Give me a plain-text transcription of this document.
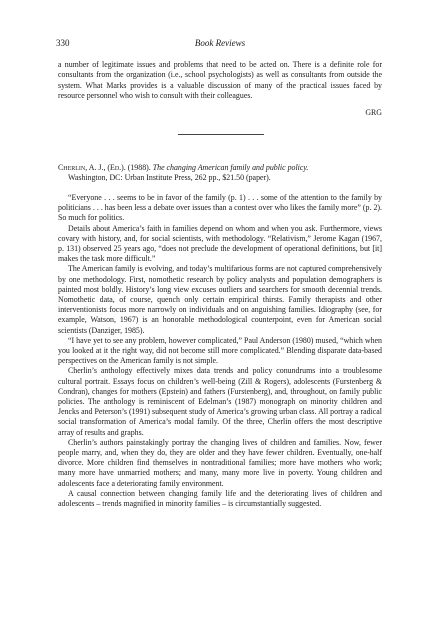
330	Book Reviews
a number of legitimate issues and problems that need to be acted on. There is a definite role for consultants from the organization (i.e., school psychologists) as well as consultants from outside the system. What Marks provides is a valuable discussion of many of the practical issues faced by resource personnel who wish to consult with their colleagues.
GRG
Cherlin, A. J., (Ed.). (1988). The changing American family and public policy.
Washington, DC: Urban Institute Press, 262 pp., $21.50 (paper).

“Everyone . . . seems to be in favor of the family (p. 1) . . . some of the attention to the family by politicians . . . has been less a debate over issues than a contest over who likes the family more” (p. 2). So much for politics.

Details about America’s faith in families depend on whom and when you ask. Furthermore, views covary with history, and, for social scientists, with methodology. “Relativism,” Jerome Kagan (1967, p. 131) observed 25 years ago, “does not preclude the development of operational definitions, but [it] makes the task more difficult.”

The American family is evolving, and today’s multifarious forms are not captured comprehensively by one methodology. First, nomothetic research by policy analysts and population demographers is painted most boldly. History’s long view excuses outliers and searchers for smooth decennial trends. Nomothetic data, of course, quench only certain empirical thirsts. Family therapists and other interventionists focus more narrowly on individuals and on anguishing families. Idiography (see, for example, Watson, 1967) is an honorable methodological counterpoint, even for American social scientists (Danziger, 1985).

“I have yet to see any problem, however complicated,” Paul Anderson (1980) mused, “which when you looked at it the right way, did not become still more complicated.” Blending disparate data-based perspectives on the American family is not simple.

Cherlin’s anthology effectively mixes data trends and policy conundrums into a troublesome cultural portrait. Essays focus on children’s well-being (Zill & Rogers), adolescents (Furstenberg & Condran), changes for mothers (Epstein) and fathers (Furstenberg), and, throughout, on family public policies. The anthology is reminiscent of Edelman’s (1987) monograph on minority children and Jencks and Peterson’s (1991) subsequent study of America’s growing urban class. All portray a radical social transformation of America’s modal family. Of the three, Cherlin offers the most descriptive array of results and graphs.

Cherlin’s authors painstakingly portray the changing lives of children and families. Now, fewer people marry, and, when they do, they are older and they have fewer children. Eventually, one-half divorce. More children find themselves in nontraditional families; more have mothers who work; many more have unmarried mothers; and many, many more live in poverty. Young children and adolescents face a deteriorating family environment.

A causal connection between changing family life and the deteriorating lives of children and adolescents – trends magnified in minority families – is circumstantially suggested.
